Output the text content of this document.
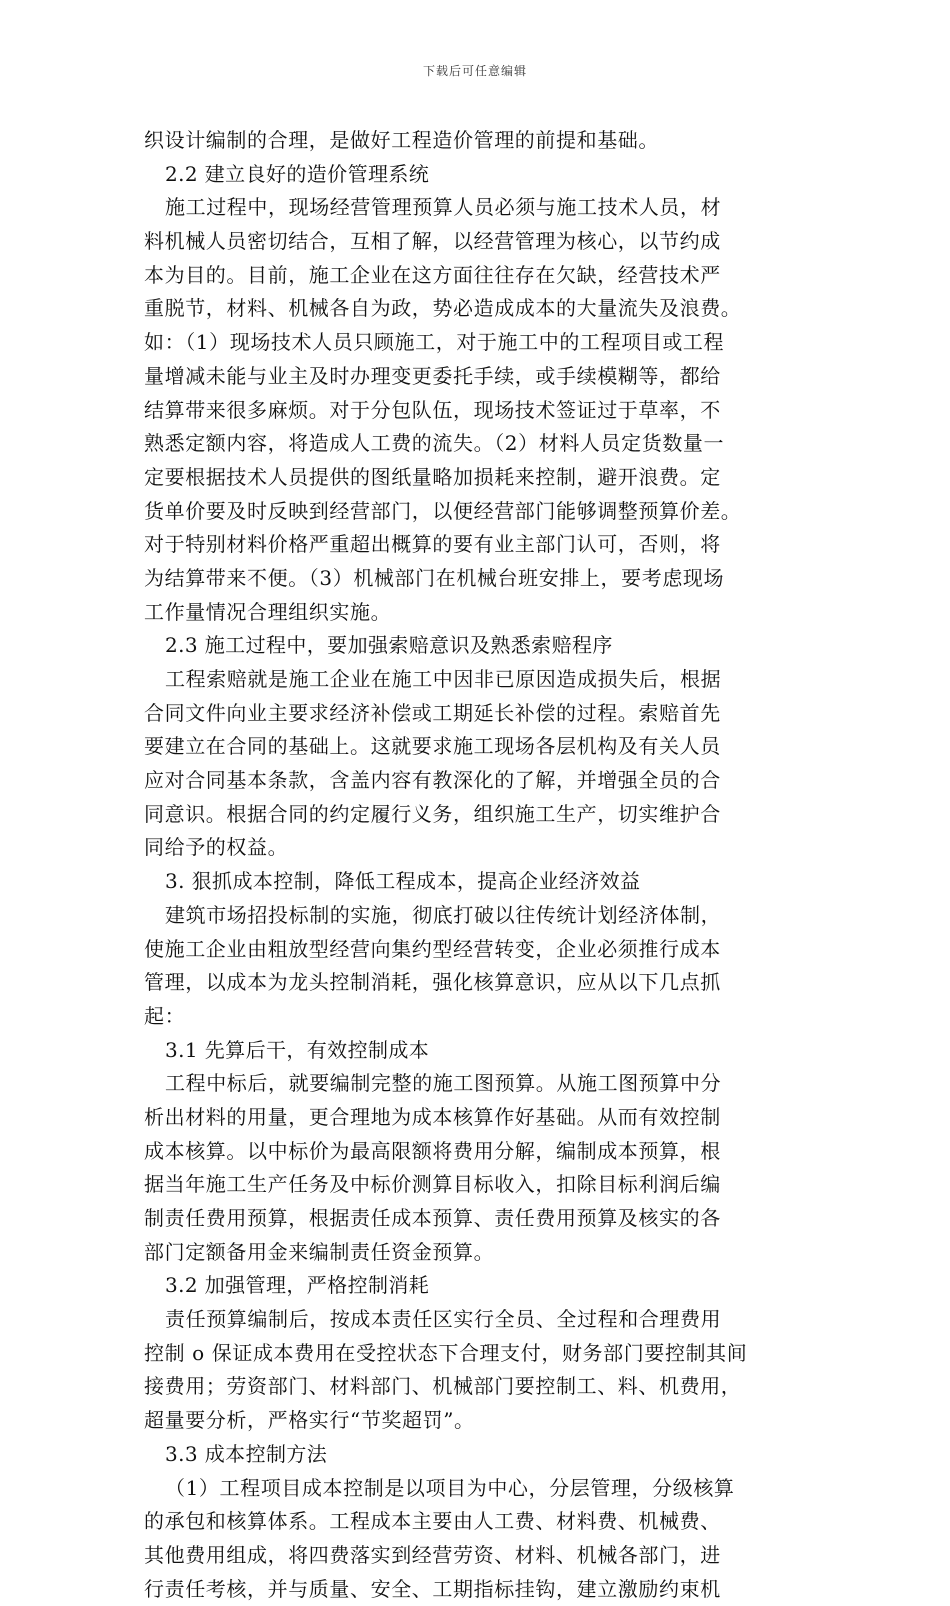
下载后可任意编辑
织设计编制的合理，是做好工程造价管理的前提和基础。
2.2 建立良好的造价管理系统
施工过程中，现场经营管理预算人员必须与施工技术人员，材
料机械人员密切结合，互相了解，以经营管理为核心，以节约成
本为目的。目前，施工企业在这方面往往存在欠缺，经营技术严
重脱节，材料、机械各自为政，势必造成成本的大量流失及浪费。
如：（1）现场技术人员只顾施工，对于施工中的工程项目或工程
量增减未能与业主及时办理变更委托手续，或手续模糊等，都给
结算带来很多麻烦。对于分包队伍，现场技术签证过于草率，不
熟悉定额内容，将造成人工费的流失。（2）材料人员定货数量一
定要根据技术人员提供的图纸量略加损耗来控制，避开浪费。定
货单价要及时反映到经营部门，以便经营部门能够调整预算价差。
对于特别材料价格严重超出概算的要有业主部门认可，否则，将
为结算带来不便。（3）机械部门在机械台班安排上，要考虑现场
工作量情况合理组织实施。
2.3 施工过程中，要加强索赔意识及熟悉索赔程序
工程索赔就是施工企业在施工中因非已原因造成损失后，根据
合同文件向业主要求经济补偿或工期延长补偿的过程。索赔首先
要建立在合同的基础上。这就要求施工现场各层机构及有关人员
应对合同基本条款，含盖内容有教深化的了解，并增强全员的合
同意识。根据合同的约定履行义务，组织施工生产，切实维护合
同给予的权益。
3. 狠抓成本控制，降低工程成本，提高企业经济效益
建筑市场招投标制的实施，彻底打破以往传统计划经济体制，
使施工企业由粗放型经营向集约型经营转变，企业必须推行成本
管理，以成本为龙头控制消耗，强化核算意识，应从以下几点抓
起：
3.1 先算后干，有效控制成本
工程中标后，就要编制完整的施工图预算。从施工图预算中分
析出材料的用量，更合理地为成本核算作好基础。从而有效控制
成本核算。以中标价为最高限额将费用分解，编制成本预算，根
据当年施工生产任务及中标价测算目标收入，扣除目标利润后编
制责任费用预算，根据责任成本预算、责任费用预算及核实的各
部门定额备用金来编制责任资金预算。
3.2 加强管理，严格控制消耗
责任预算编制后，按成本责任区实行全员、全过程和合理费用
控制 o 保证成本费用在受控状态下合理支付，财务部门要控制其间
接费用；劳资部门、材料部门、机械部门要控制工、料、机费用，
超量要分析，严格实行“节奖超罚”。
3.3 成本控制方法
（1）工程项目成本控制是以项目为中心，分层管理，分级核算
的承包和核算体系。工程成本主要由人工费、材料费、机械费、
其他费用组成，将四费落实到经营劳资、材料、机械各部门，进
行责任考核，并与质量、安全、工期指标挂钩，建立激励约束机
